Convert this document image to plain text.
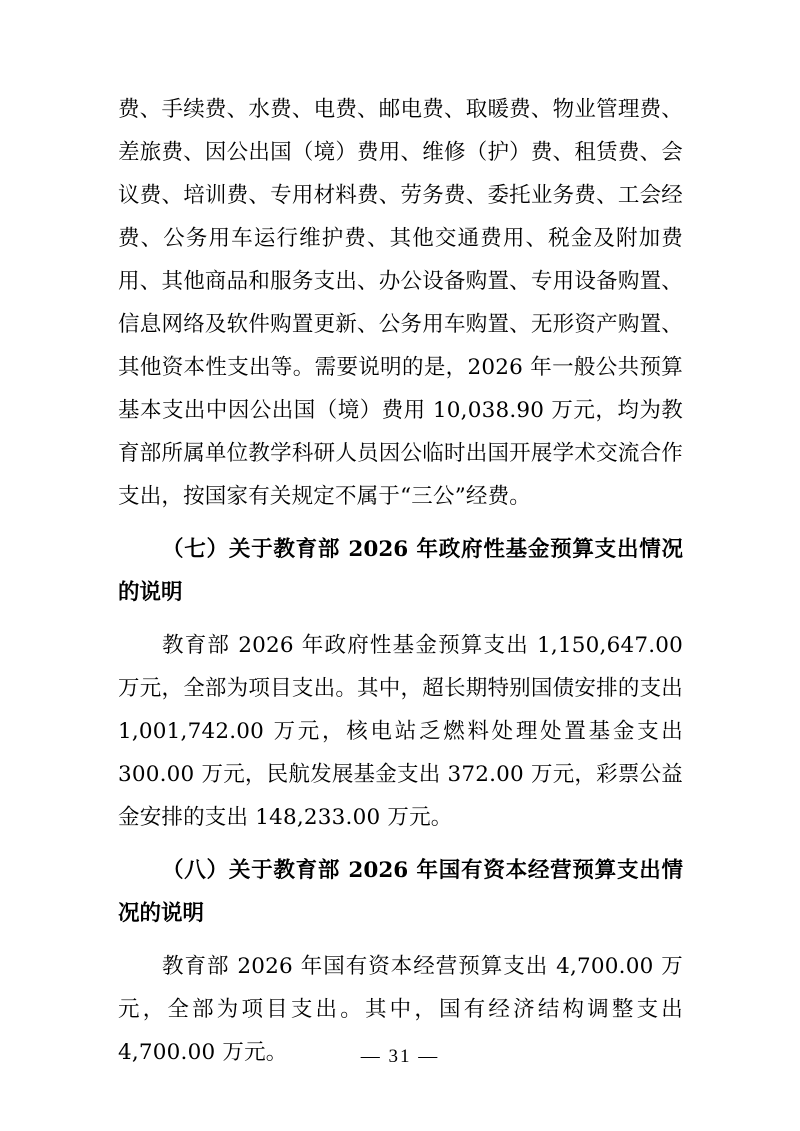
费、手续费、水费、电费、邮电费、取暖费、物业管理费、差旅费、因公出国（境）费用、维修（护）费、租赁费、会议费、培训费、专用材料费、劳务费、委托业务费、工会经费、公务用车运行维护费、其他交通费用、税金及附加费用、其他商品和服务支出、办公设备购置、专用设备购置、信息网络及软件购置更新、公务用车购置、无形资产购置、其他资本性支出等。需要说明的是，2026 年一般公共预算基本支出中因公出国（境）费用 10,038.90 万元，均为教育部所属单位教学科研人员因公临时出国开展学术交流合作支出，按国家有关规定不属于“三公”经费。

（七）关于教育部 2026 年政府性基金预算支出情况的说明

教育部 2026 年政府性基金预算支出 1,150,647.00 万元，全部为项目支出。其中，超长期特别国债安排的支出 1,001,742.00 万元，核电站乏燃料处理处置基金支出 300.00 万元，民航发展基金支出 372.00 万元，彩票公益金安排的支出 148,233.00 万元。

（八）关于教育部 2026 年国有资本经营预算支出情况的说明

教育部 2026 年国有资本经营预算支出 4,700.00 万元，全部为项目支出。其中，国有经济结构调整支出 4,700.00 万元。	— 31 —
